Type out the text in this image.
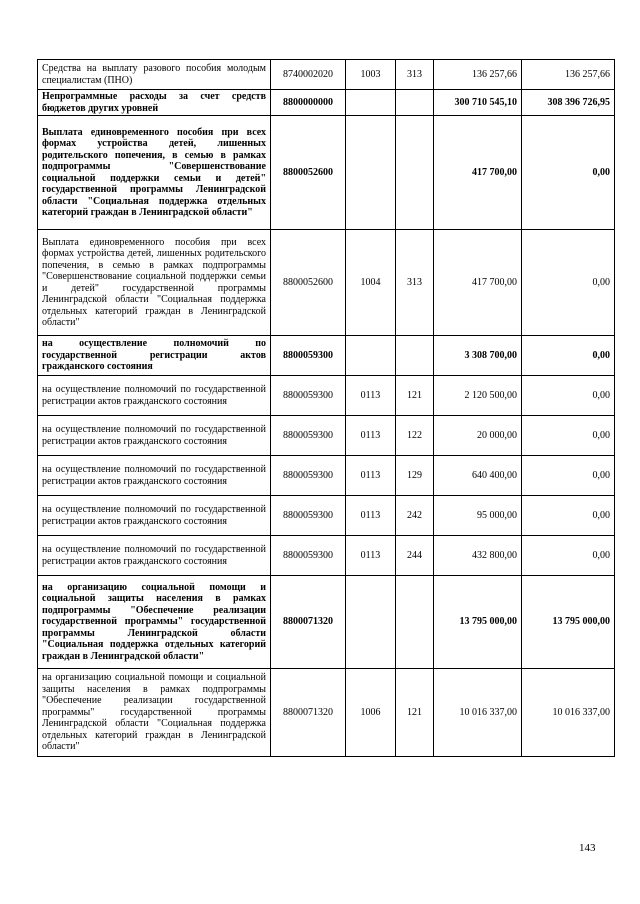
Средства на выплату разового пособия молодым специалистам (ПНО)	8740002020	1003	313	136 257,66	136 257,66
Непрограммные расходы за счет средств бюджетов других уровней	8800000000			300 710 545,10	308 396 726,95
Выплата единовременного пособия при всех формах устройства детей, лишенных родительского попечения, в семью в рамках подпрограммы "Совершенствование социальной поддержки семьи и детей" государственной программы Ленинградской области "Социальная поддержка отдельных категорий граждан в Ленинградской области"	8800052600			417 700,00	0,00
Выплата единовременного пособия при всех формах устройства детей, лишенных родительского попечения, в семью в рамках подпрограммы "Совершенствование социальной поддержки семьи и детей" государственной программы Ленинградской области "Социальная поддержка отдельных категорий граждан в Ленинградской области"	8800052600	1004	313	417 700,00	0,00
на осуществление полномочий по государственной регистрации актов гражданского состояния	8800059300			3 308 700,00	0,00
на осуществление полномочий по государственной регистрации актов гражданского состояния	8800059300	0113	121	2 120 500,00	0,00
на осуществление полномочий по государственной регистрации актов гражданского состояния	8800059300	0113	122	20 000,00	0,00
на осуществление полномочий по государственной регистрации актов гражданского состояния	8800059300	0113	129	640 400,00	0,00
на осуществление полномочий по государственной регистрации актов гражданского состояния	8800059300	0113	242	95 000,00	0,00
на осуществление полномочий по государственной регистрации актов гражданского состояния	8800059300	0113	244	432 800,00	0,00
на организацию социальной помощи и социальной защиты населения в рамках подпрограммы "Обеспечение реализации государственной программы" государственной программы Ленинградской области "Социальная поддержка отдельных категорий граждан в Ленинградской области"	8800071320			13 795 000,00	13 795 000,00
на организацию социальной помощи и социальной защиты населения в рамках подпрограммы "Обеспечение реализации государственной программы" государственной программы Ленинградской области "Социальная поддержка отдельных категорий граждан в Ленинградской области"	8800071320	1006	121	10 016 337,00	10 016 337,00
143
